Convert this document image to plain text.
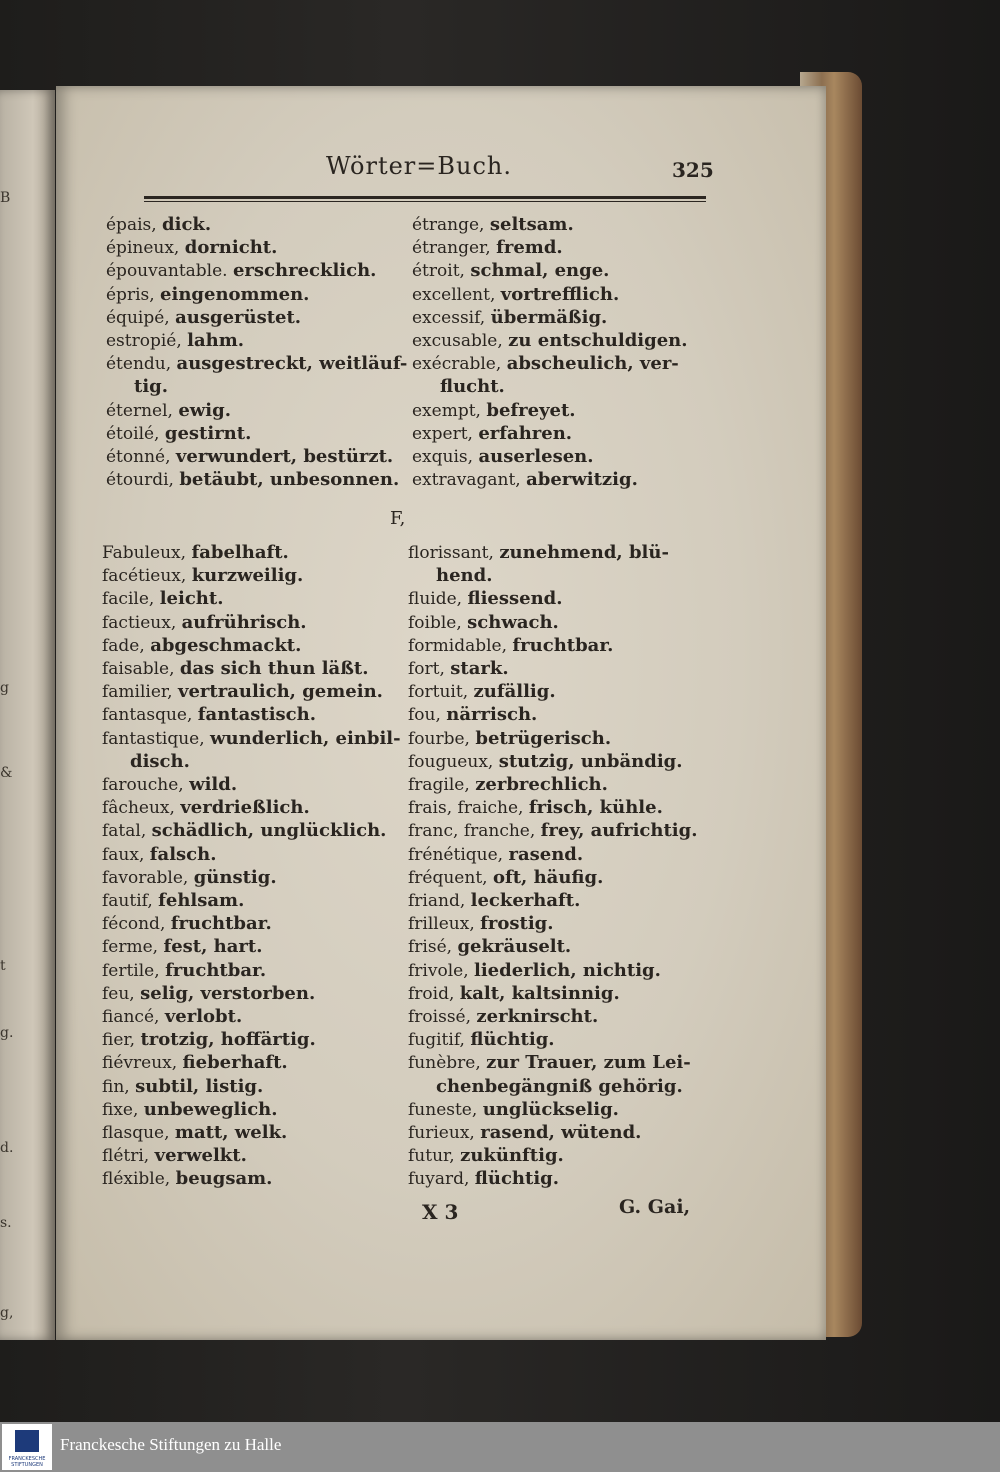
B
g
&
t
g.
d.
s.
g,
Wörter=Buch.	325
épais, dick.
épineux, dornicht.
épouvantable. erschrecklich.
épris, eingenommen.
équipé, ausgerüstet.
estropié, lahm.
étendu, ausgestreckt, weitläuf-
tig.
éternel, ewig.
étoilé, gestirnt.
étonné, verwundert, bestürzt.
étourdi, betäubt, unbesonnen.
étrange, seltsam.
étranger, fremd.
étroit, schmal, enge.
excellent, vortrefflich.
excessif, übermäßig.
excusable, zu entschuldigen.
exécrable, abscheulich, ver-
flucht.
exempt, befreyet.
expert, erfahren.
exquis, auserlesen.
extravagant, aberwitzig.
F,
Fabuleux, fabelhaft.
facétieux, kurzweilig.
facile, leicht.
factieux, aufrührisch.
fade, abgeschmackt.
faisable, das sich thun läßt.
familier, vertraulich, gemein.
fantasque, fantastisch.
fantastique, wunderlich, einbil-
disch.
farouche, wild.
fâcheux, verdrießlich.
fatal, schädlich, unglücklich.
faux, falsch.
favorable, günstig.
fautif, fehlsam.
fécond, fruchtbar.
ferme, fest, hart.
fertile, fruchtbar.
feu, selig, verstorben.
fiancé, verlobt.
fier, trotzig, hoffärtig.
fiévreux, fieberhaft.
fin, subtil, listig.
fixe, unbeweglich.
flasque, matt, welk.
flétri, verwelkt.
fléxible, beugsam.
florissant, zunehmend, blü-
hend.
fluide, fliessend.
foible, schwach.
formidable, fruchtbar.
fort, stark.
fortuit, zufällig.
fou, närrisch.
fourbe, betrügerisch.
fougueux, stutzig, unbändig.
fragile, zerbrechlich.
frais, fraiche, frisch, kühle.
franc, franche, frey, aufrichtig.
frénétique, rasend.
fréquent, oft, häufig.
friand, leckerhaft.
frilleux, frostig.
frisé, gekräuselt.
frivole, liederlich, nichtig.
froid, kalt, kaltsinnig.
froissé, zerknirscht.
fugitif, flüchtig.
funèbre, zur Trauer, zum Lei-
chenbegängniß gehörig.
funeste, unglückselig.
furieux, rasend, wütend.
futur, zukünftig.
fuyard, flüchtig.
X 3	G. Gai,
FRANCKESCHE STIFTUNGEN
Franckesche Stiftungen zu Halle
